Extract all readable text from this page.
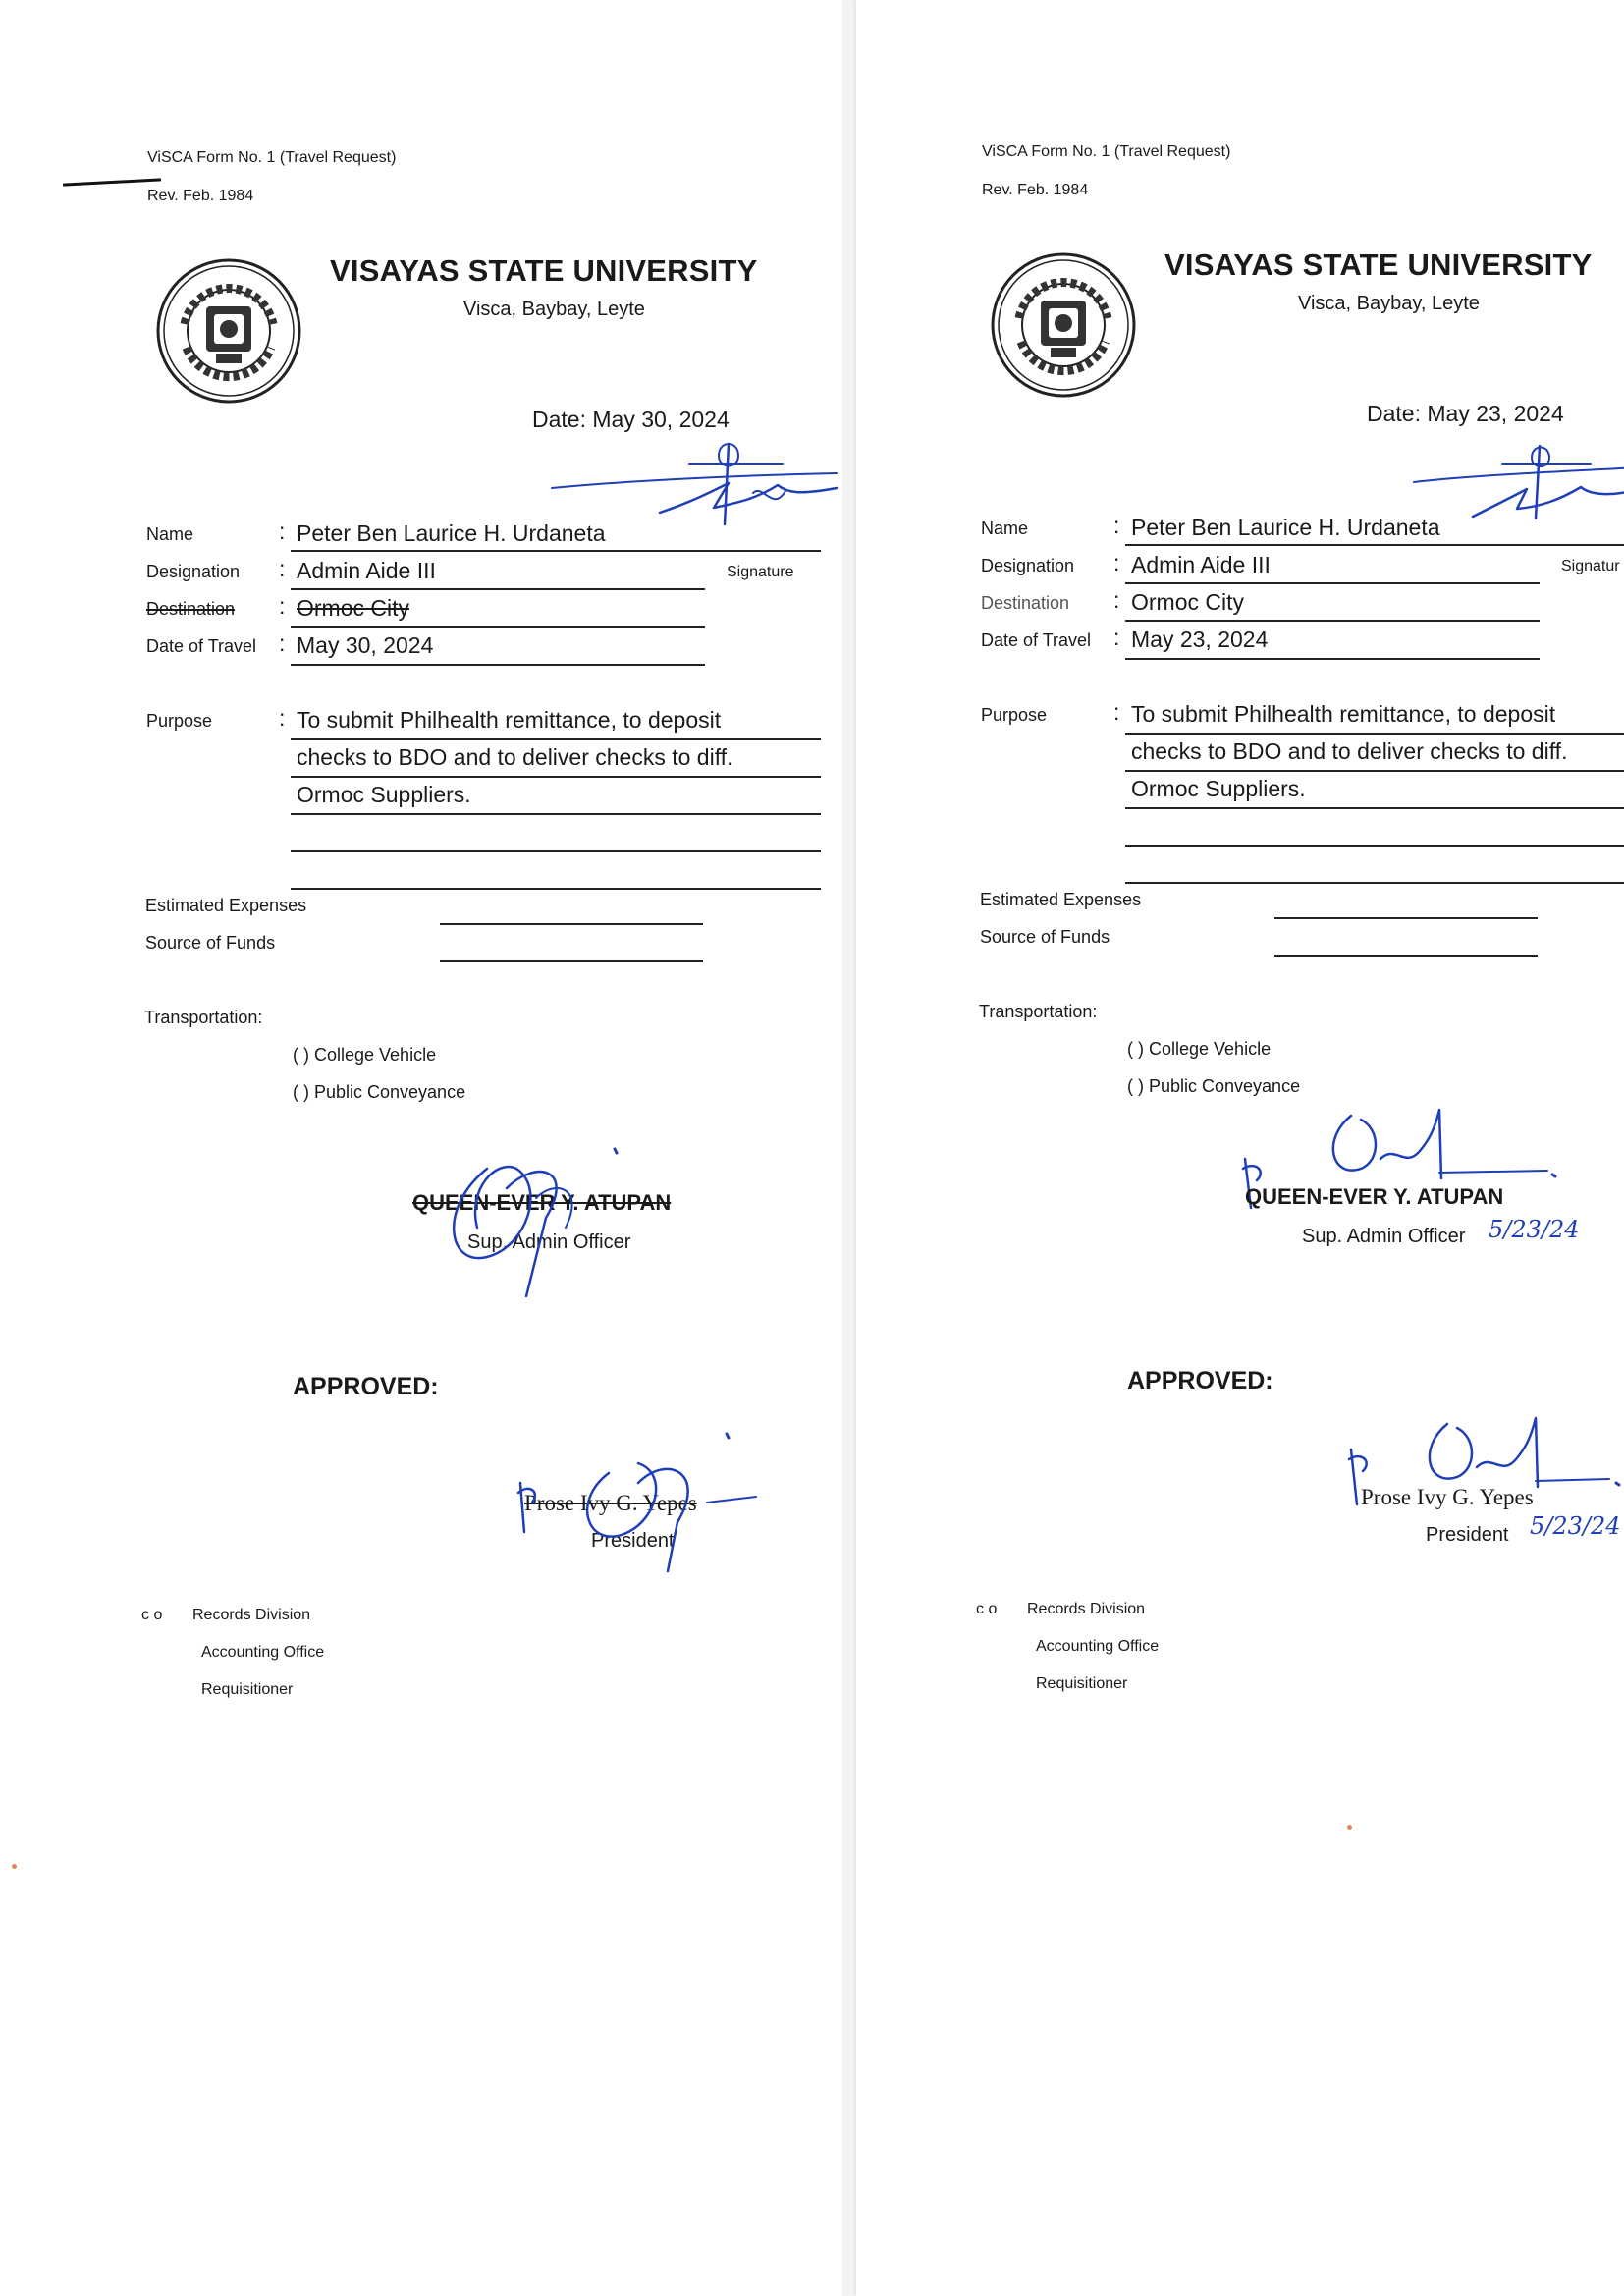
ViSCA Form No. 1 (Travel Request)
Rev. Feb. 1984
VISAYAS STATE UNIVERSITY
Visca, Baybay, Leyte
Date: May 30, 2024
Name	: Peter Ben Laurice H. Urdaneta
Designation : Admin Aide III	Signature
Destination : Ormoc City
Date of Travel : May 30, 2024
Purpose	: To submit Philhealth remittance, to deposit
checks to BDO and to deliver checks to diff.
Ormoc Suppliers.
Estimated Expenses
Source of Funds
Transportation:
( ) College Vehicle
( ) Public Conveyance
QUEEN-EVER Y. ATUPAN
Sup. Admin Officer
APPROVED:
Prose Ivy G. Yepes
President
c o Records Division
Accounting Office
Requisitioner
ViSCA Form No. 1 (Travel Request)
Rev. Feb. 1984
VISAYAS STATE UNIVERSITY
Visca, Baybay, Leyte
Date: May 23, 2024
Name	: Peter Ben Laurice H. Urdaneta
Designation : Admin Aide III	Signatur
Destination : Ormoc City
Date of Travel : May 23, 2024
Purpose	: To submit Philhealth remittance, to deposit
checks to BDO and to deliver checks to diff.
Ormoc Suppliers.
Estimated Expenses
Source of Funds
Transportation:
( ) College Vehicle
( ) Public Conveyance
QUEEN-EVER Y. ATUPAN
Sup. Admin Officer 5/23/24
APPROVED:
Prose Ivy G. Yepes
President 5/23/24
c o Records Division
Accounting Office
Requisitioner
